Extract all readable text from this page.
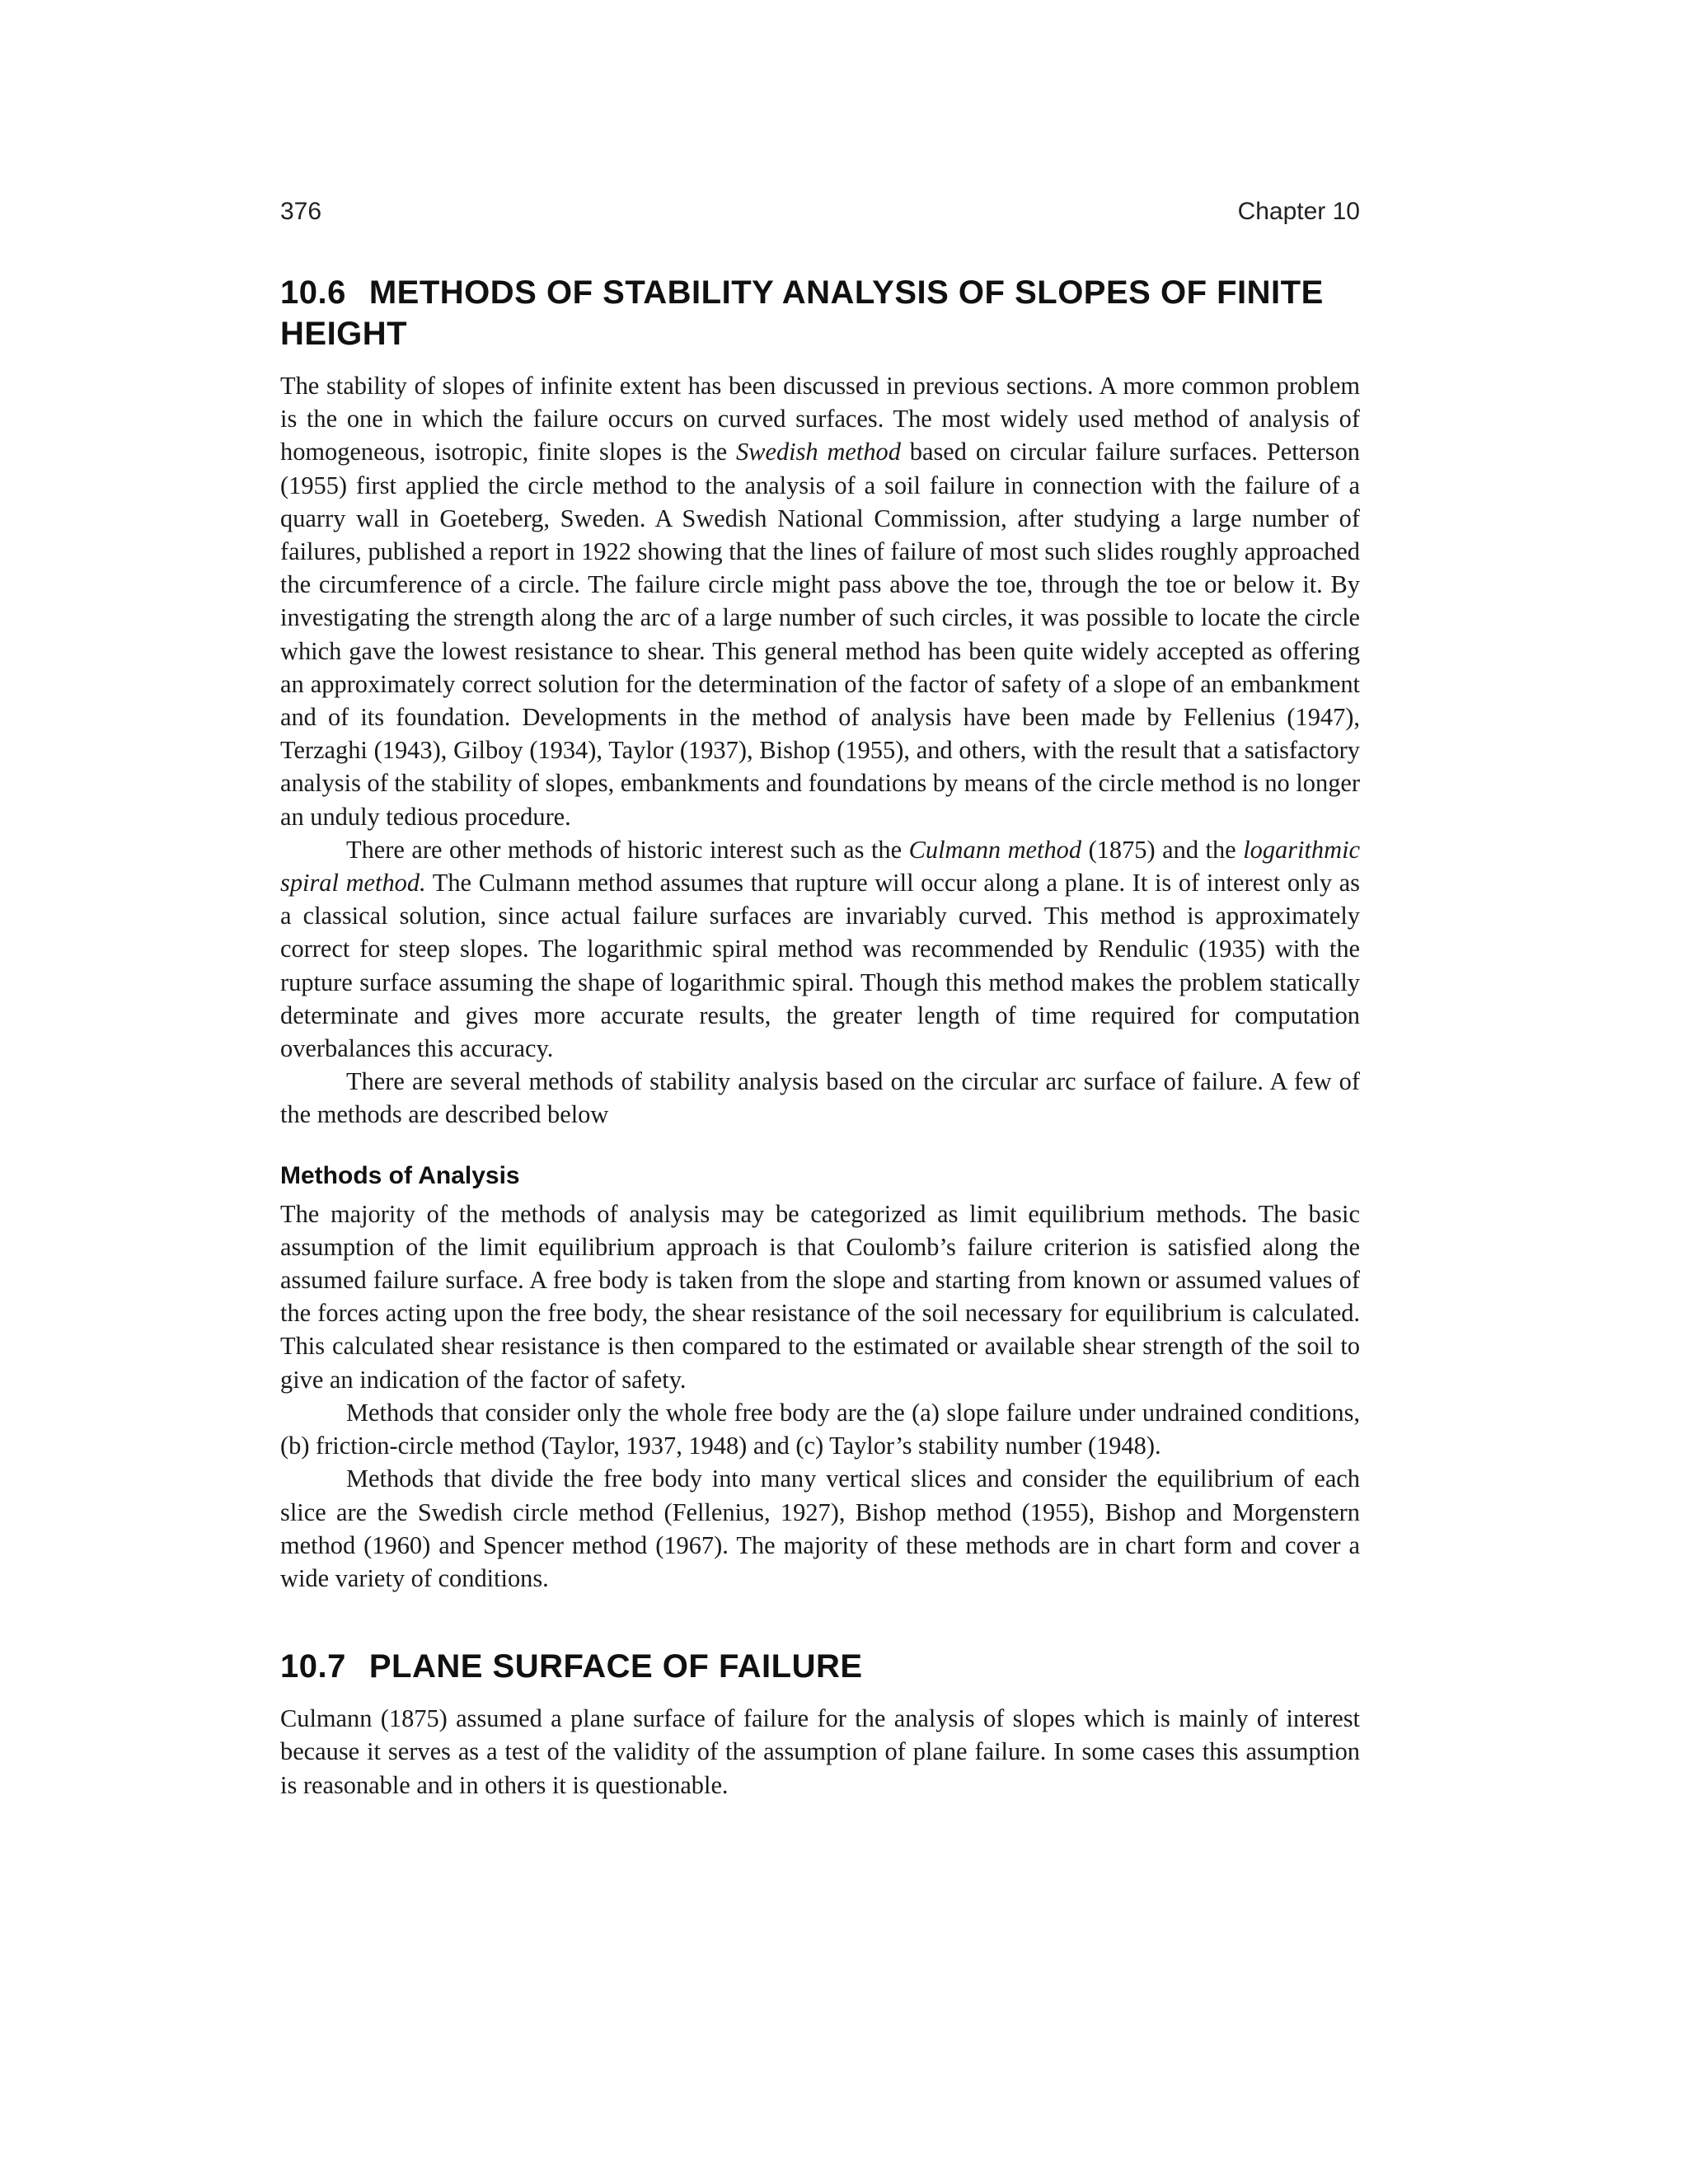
376	Chapter 10
10.6 METHODS OF STABILITY ANALYSIS OF SLOPES OF FINITE HEIGHT

The stability of slopes of infinite extent has been discussed in previous sections. A more common problem is the one in which the failure occurs on curved surfaces. The most widely used method of analysis of homogeneous, isotropic, finite slopes is the Swedish method based on circular failure surfaces. Petterson (1955) first applied the circle method to the analysis of a soil failure in connection with the failure of a quarry wall in Goeteberg, Sweden. A Swedish National Commission, after studying a large number of failures, published a report in 1922 showing that the lines of failure of most such slides roughly approached the circumference of a circle. The failure circle might pass above the toe, through the toe or below it. By investigating the strength along the arc of a large number of such circles, it was possible to locate the circle which gave the lowest resistance to shear. This general method has been quite widely accepted as offering an approximately correct solution for the determination of the factor of safety of a slope of an embankment and of its foundation. Developments in the method of analysis have been made by Fellenius (1947), Terzaghi (1943), Gilboy (1934), Taylor (1937), Bishop (1955), and others, with the result that a satisfactory analysis of the stability of slopes, embankments and foundations by means of the circle method is no longer an unduly tedious procedure.

There are other methods of historic interest such as the Culmann method (1875) and the logarithmic spiral method. The Culmann method assumes that rupture will occur along a plane. It is of interest only as a classical solution, since actual failure surfaces are invariably curved. This method is approximately correct for steep slopes. The logarithmic spiral method was recommended by Rendulic (1935) with the rupture surface assuming the shape of logarithmic spiral. Though this method makes the problem statically determinate and gives more accurate results, the greater length of time required for computation overbalances this accuracy.

There are several methods of stability analysis based on the circular arc surface of failure. A few of the methods are described below

Methods of Analysis

The majority of the methods of analysis may be categorized as limit equilibrium methods. The basic assumption of the limit equilibrium approach is that Coulomb’s failure criterion is satisfied along the assumed failure surface. A free body is taken from the slope and starting from known or assumed values of the forces acting upon the free body, the shear resistance of the soil necessary for equilibrium is calculated. This calculated shear resistance is then compared to the estimated or available shear strength of the soil to give an indication of the factor of safety.

Methods that consider only the whole free body are the (a) slope failure under undrained conditions, (b) friction-circle method (Taylor, 1937, 1948) and (c) Taylor’s stability number (1948).

Methods that divide the free body into many vertical slices and consider the equilibrium of each slice are the Swedish circle method (Fellenius, 1927), Bishop method (1955), Bishop and Morgenstern method (1960) and Spencer method (1967). The majority of these methods are in chart form and cover a wide variety of conditions.

10.7 PLANE SURFACE OF FAILURE

Culmann (1875) assumed a plane surface of failure for the analysis of slopes which is mainly of interest because it serves as a test of the validity of the assumption of plane failure. In some cases this assumption is reasonable and in others it is questionable.
